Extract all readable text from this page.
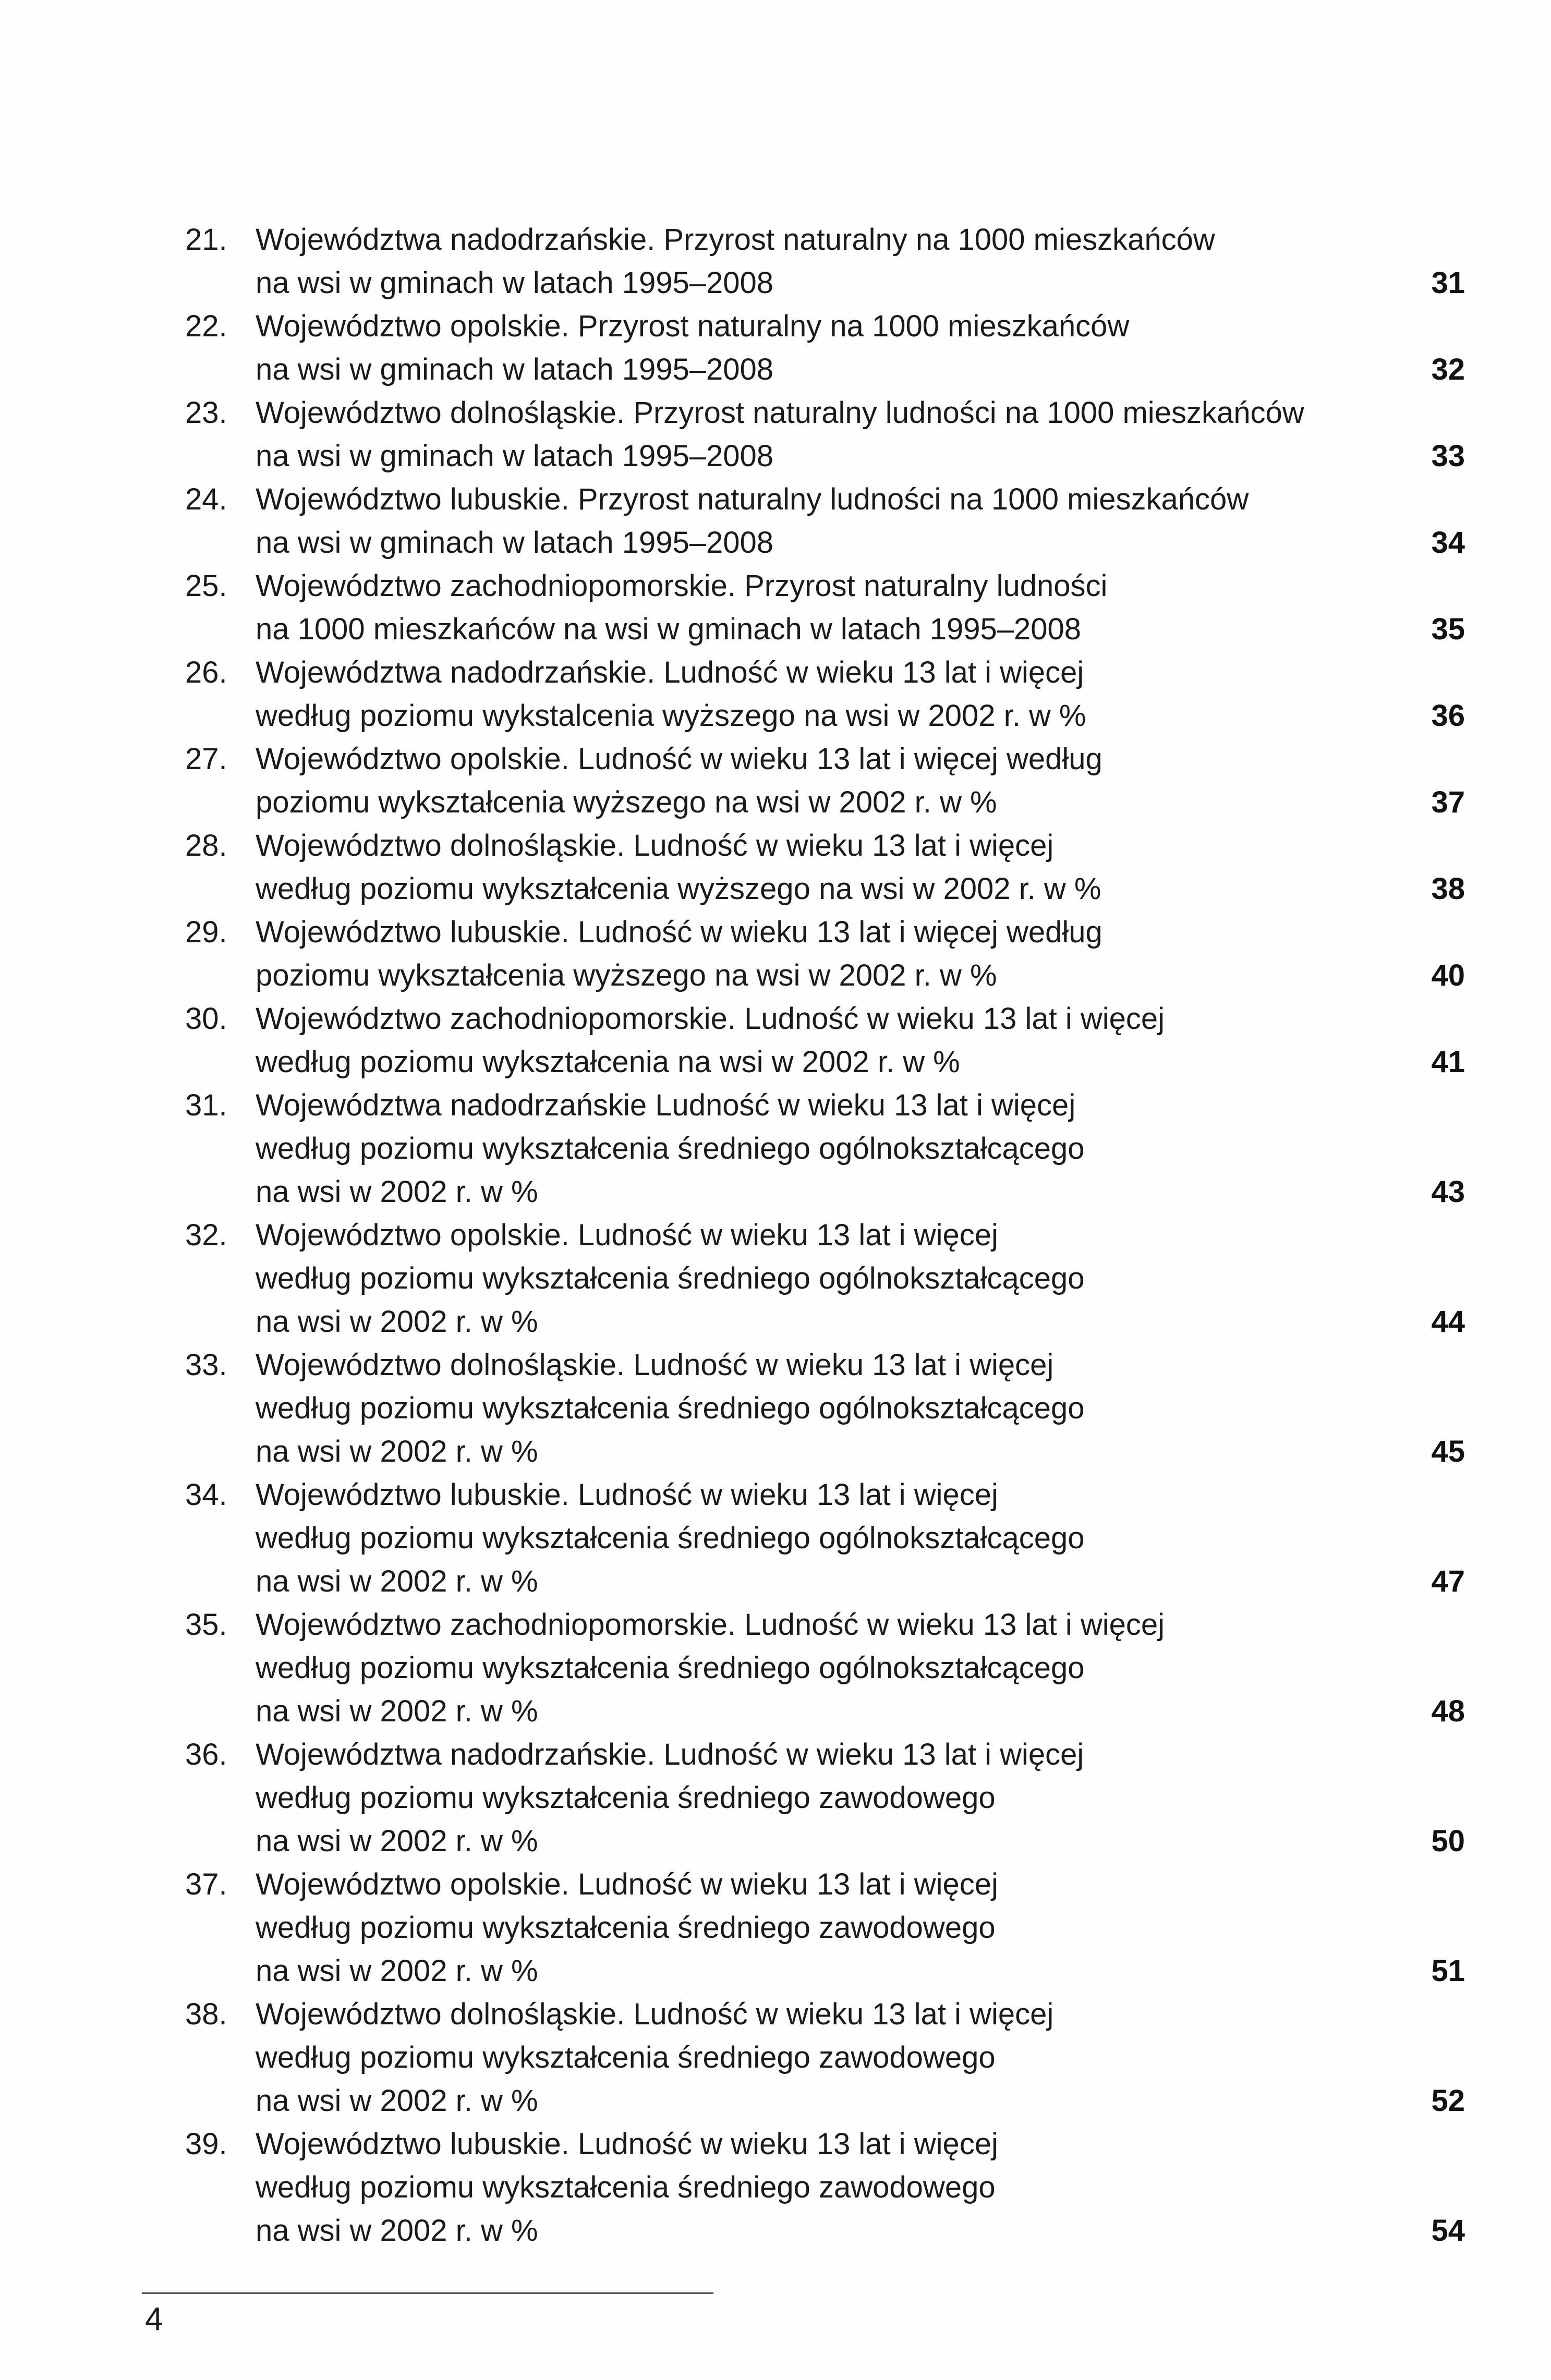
21. Województwa nadodrzańskie. Przyrost naturalny na 1000 mieszkańców
na wsi w gminach w latach 1995–2008	31
22. Województwo opolskie. Przyrost naturalny na 1000 mieszkańców
na wsi w gminach w latach 1995–2008	32
23. Województwo dolnośląskie. Przyrost naturalny ludności na 1000 mieszkańców
na wsi w gminach w latach 1995–2008	33
24. Województwo lubuskie. Przyrost naturalny ludności na 1000 mieszkańców
na wsi w gminach w latach 1995–2008	34
25. Województwo zachodniopomorskie. Przyrost naturalny ludności
na 1000 mieszkańców na wsi w gminach w latach 1995–2008	35
26. Województwa nadodrzańskie. Ludność w wieku 13 lat i więcej
według poziomu wykstalcenia wyższego na wsi w 2002 r. w %	36
27. Województwo opolskie. Ludność w wieku 13 lat i więcej według
poziomu wykształcenia wyższego na wsi w 2002 r. w %	37
28. Województwo dolnośląskie. Ludność w wieku 13 lat i więcej
według poziomu wykształcenia wyższego na wsi w 2002 r. w %	38
29. Województwo lubuskie. Ludność w wieku 13 lat i więcej według
poziomu wykształcenia wyższego na wsi w 2002 r. w %	40
30. Województwo zachodniopomorskie. Ludność w wieku 13 lat i więcej
według poziomu wykształcenia na wsi w 2002 r. w %	41
31. Województwa nadodrzańskie Ludność w wieku 13 lat i więcej
według poziomu wykształcenia średniego ogólnokształcącego
na wsi w 2002 r. w %	43
32. Województwo opolskie. Ludność w wieku 13 lat i więcej
według poziomu wykształcenia średniego ogólnokształcącego
na wsi w 2002 r. w %	44
33. Województwo dolnośląskie. Ludność w wieku 13 lat i więcej
według poziomu wykształcenia średniego ogólnokształcącego
na wsi w 2002 r. w %	45
34. Województwo lubuskie. Ludność w wieku 13 lat i więcej
według poziomu wykształcenia średniego ogólnokształcącego
na wsi w 2002 r. w %	47
35. Województwo zachodniopomorskie. Ludność w wieku 13 lat i więcej
według poziomu wykształcenia średniego ogólnokształcącego
na wsi w 2002 r. w %	48
36. Województwa nadodrzańskie. Ludność w wieku 13 lat i więcej
według poziomu wykształcenia średniego zawodowego
na wsi w 2002 r. w %	50
37. Województwo opolskie. Ludność w wieku 13 lat i więcej
według poziomu wykształcenia średniego zawodowego
na wsi w 2002 r. w %	51
38. Województwo dolnośląskie. Ludność w wieku 13 lat i więcej
według poziomu wykształcenia średniego zawodowego
na wsi w 2002 r. w %	52
39. Województwo lubuskie. Ludność w wieku 13 lat i więcej
według poziomu wykształcenia średniego zawodowego
na wsi w 2002 r. w %	54
4
